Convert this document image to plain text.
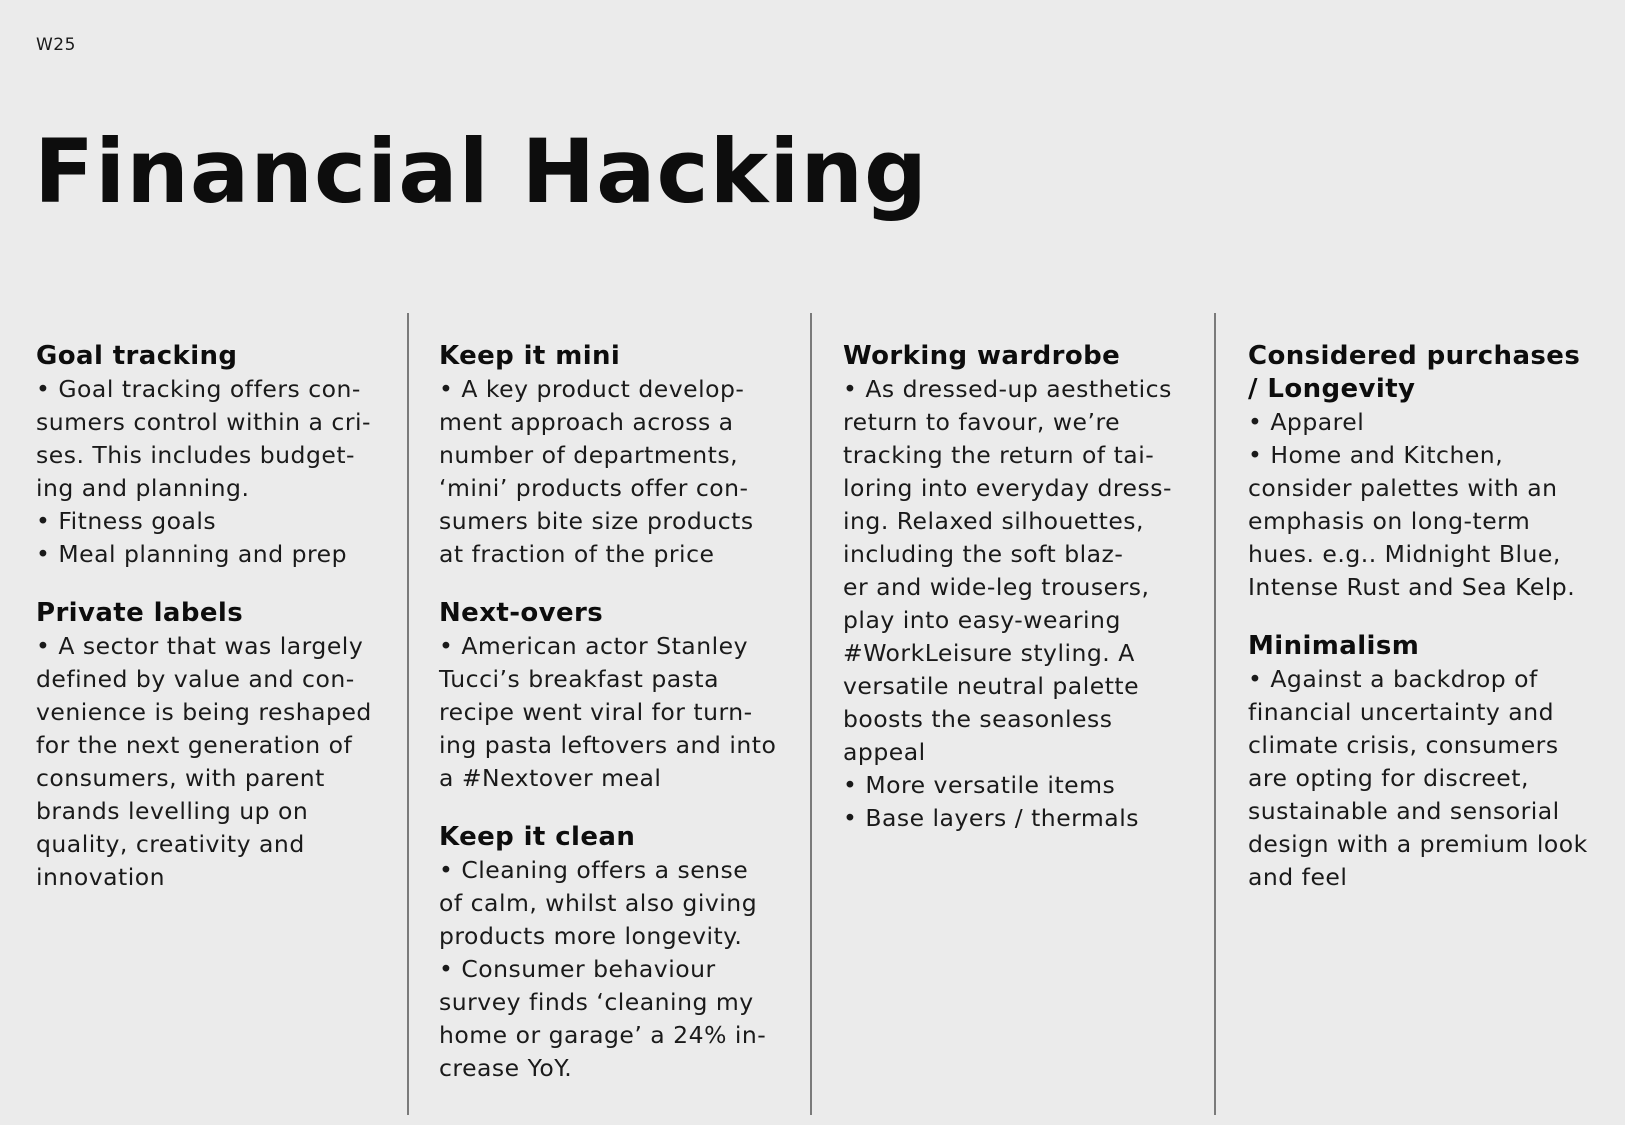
W25
Financial Hacking
Goal tracking
• Goal tracking offers con-
sumers control within a cri-
ses. This includes budget-
ing and planning.
• Fitness goals
• Meal planning and prep
Private labels
• A sector that was largely
defined by value and con-
venience is being reshaped
for the next generation of
consumers, with parent
brands levelling up on
quality, creativity and
innovation
Keep it mini
• A key product develop-
ment approach across a
number of departments,
‘mini’ products offer con-
sumers bite size products
at fraction of the price
Next-overs
• American actor Stanley
Tucci’s breakfast pasta
recipe went viral for turn-
ing pasta leftovers and into
a #Nextover meal
Keep it clean
• Cleaning offers a sense
of calm, whilst also giving
products more longevity.
• Consumer behaviour
survey finds ‘cleaning my
home or garage’ a 24% in-
crease YoY.
Working wardrobe
• As dressed-up aesthetics
return to favour, we’re
tracking the return of tai-
loring into everyday dress-
ing. Relaxed silhouettes,
including the soft blaz-
er and wide-leg trousers,
play into easy-wearing
#WorkLeisure styling. A
versatile neutral palette
boosts the seasonless
appeal
• More versatile items
• Base layers / thermals
Considered purchases
/ Longevity
• Apparel
• Home and Kitchen,
consider palettes with an
emphasis on long-term
hues. e.g.. Midnight Blue,
Intense Rust and Sea Kelp.
Minimalism
• Against a backdrop of
financial uncertainty and
climate crisis, consumers
are opting for discreet,
sustainable and sensorial
design with a premium look
and feel
